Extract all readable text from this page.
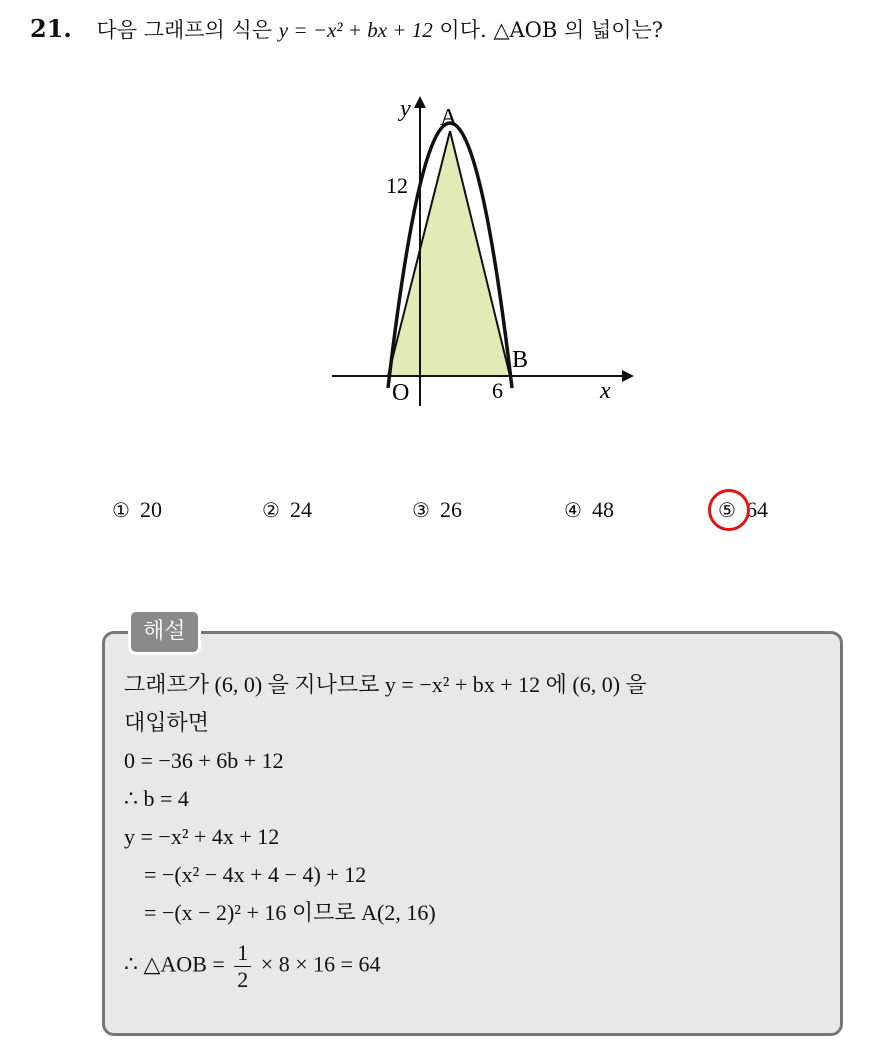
21. 다음 그래프의 식은 y = −x² + bx + 12 이다. △AOB 의 넓이는?
y A
12
B
O	6	x
① 20	② 24	③ 26	④ 48	⑤ 64
해설
그래프가 (6, 0) 을 지나므로 y = −x² + bx + 12 에 (6, 0) 을
대입하면
0 = −36 + 6b + 12
∴ b = 4
y = −x² + 4x + 12
= −(x² − 4x + 4 − 4) + 12
= −(x − 2)² + 16 이므로 A(2, 16)
∴ △AOB = $\frac{1}{2} \times 8 \times 16 = 64$
